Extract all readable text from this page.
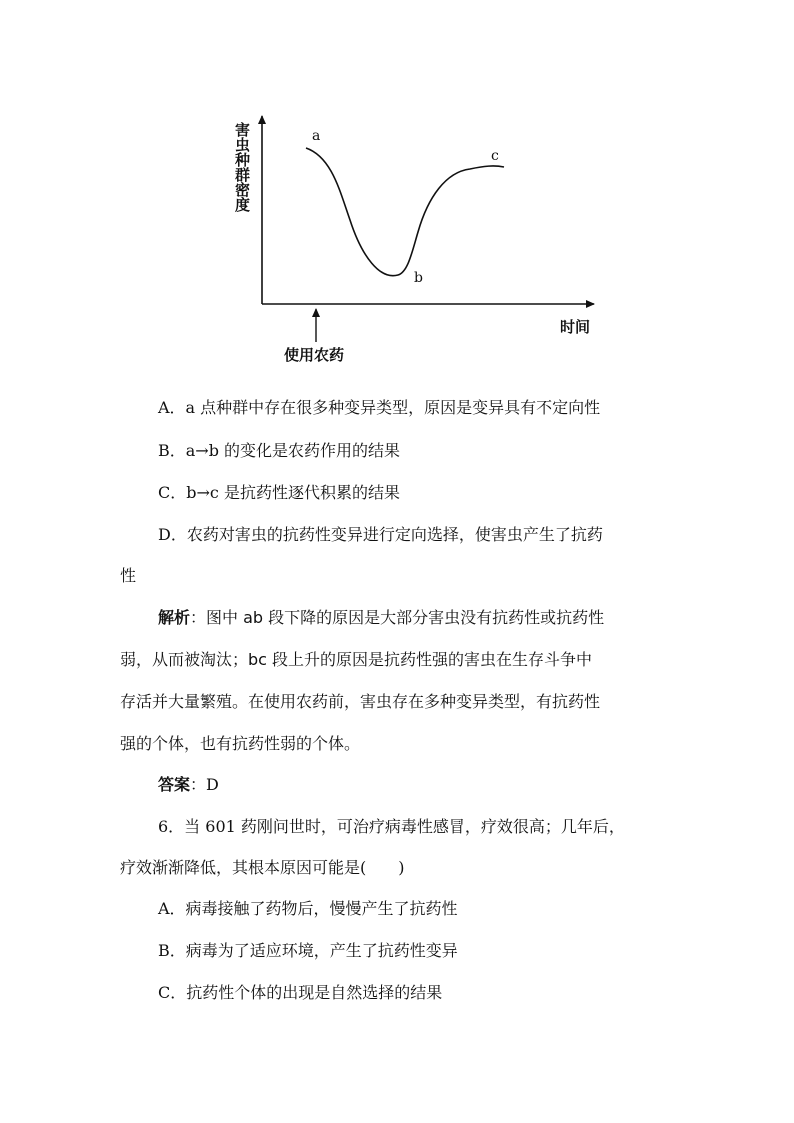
害虫种群密度
时间
使用农药
a
b
c
A．a 点种群中存在很多种变异类型，原因是变异具有不定向性
B．a→b 的变化是农药作用的结果
C．b→c 是抗药性逐代积累的结果
D．农药对害虫的抗药性变异进行定向选择，使害虫产生了抗药
性
解析：图中 ab 段下降的原因是大部分害虫没有抗药性或抗药性
弱，从而被淘汰；bc 段上升的原因是抗药性强的害虫在生存斗争中
存活并大量繁殖。在使用农药前，害虫存在多种变异类型，有抗药性
强的个体，也有抗药性弱的个体。
答案：D
6．当 601 药刚问世时，可治疗病毒性感冒，疗效很高；几年后，
疗效渐渐降低，其根本原因可能是(　　)
A．病毒接触了药物后，慢慢产生了抗药性
B．病毒为了适应环境，产生了抗药性变异
C．抗药性个体的出现是自然选择的结果
